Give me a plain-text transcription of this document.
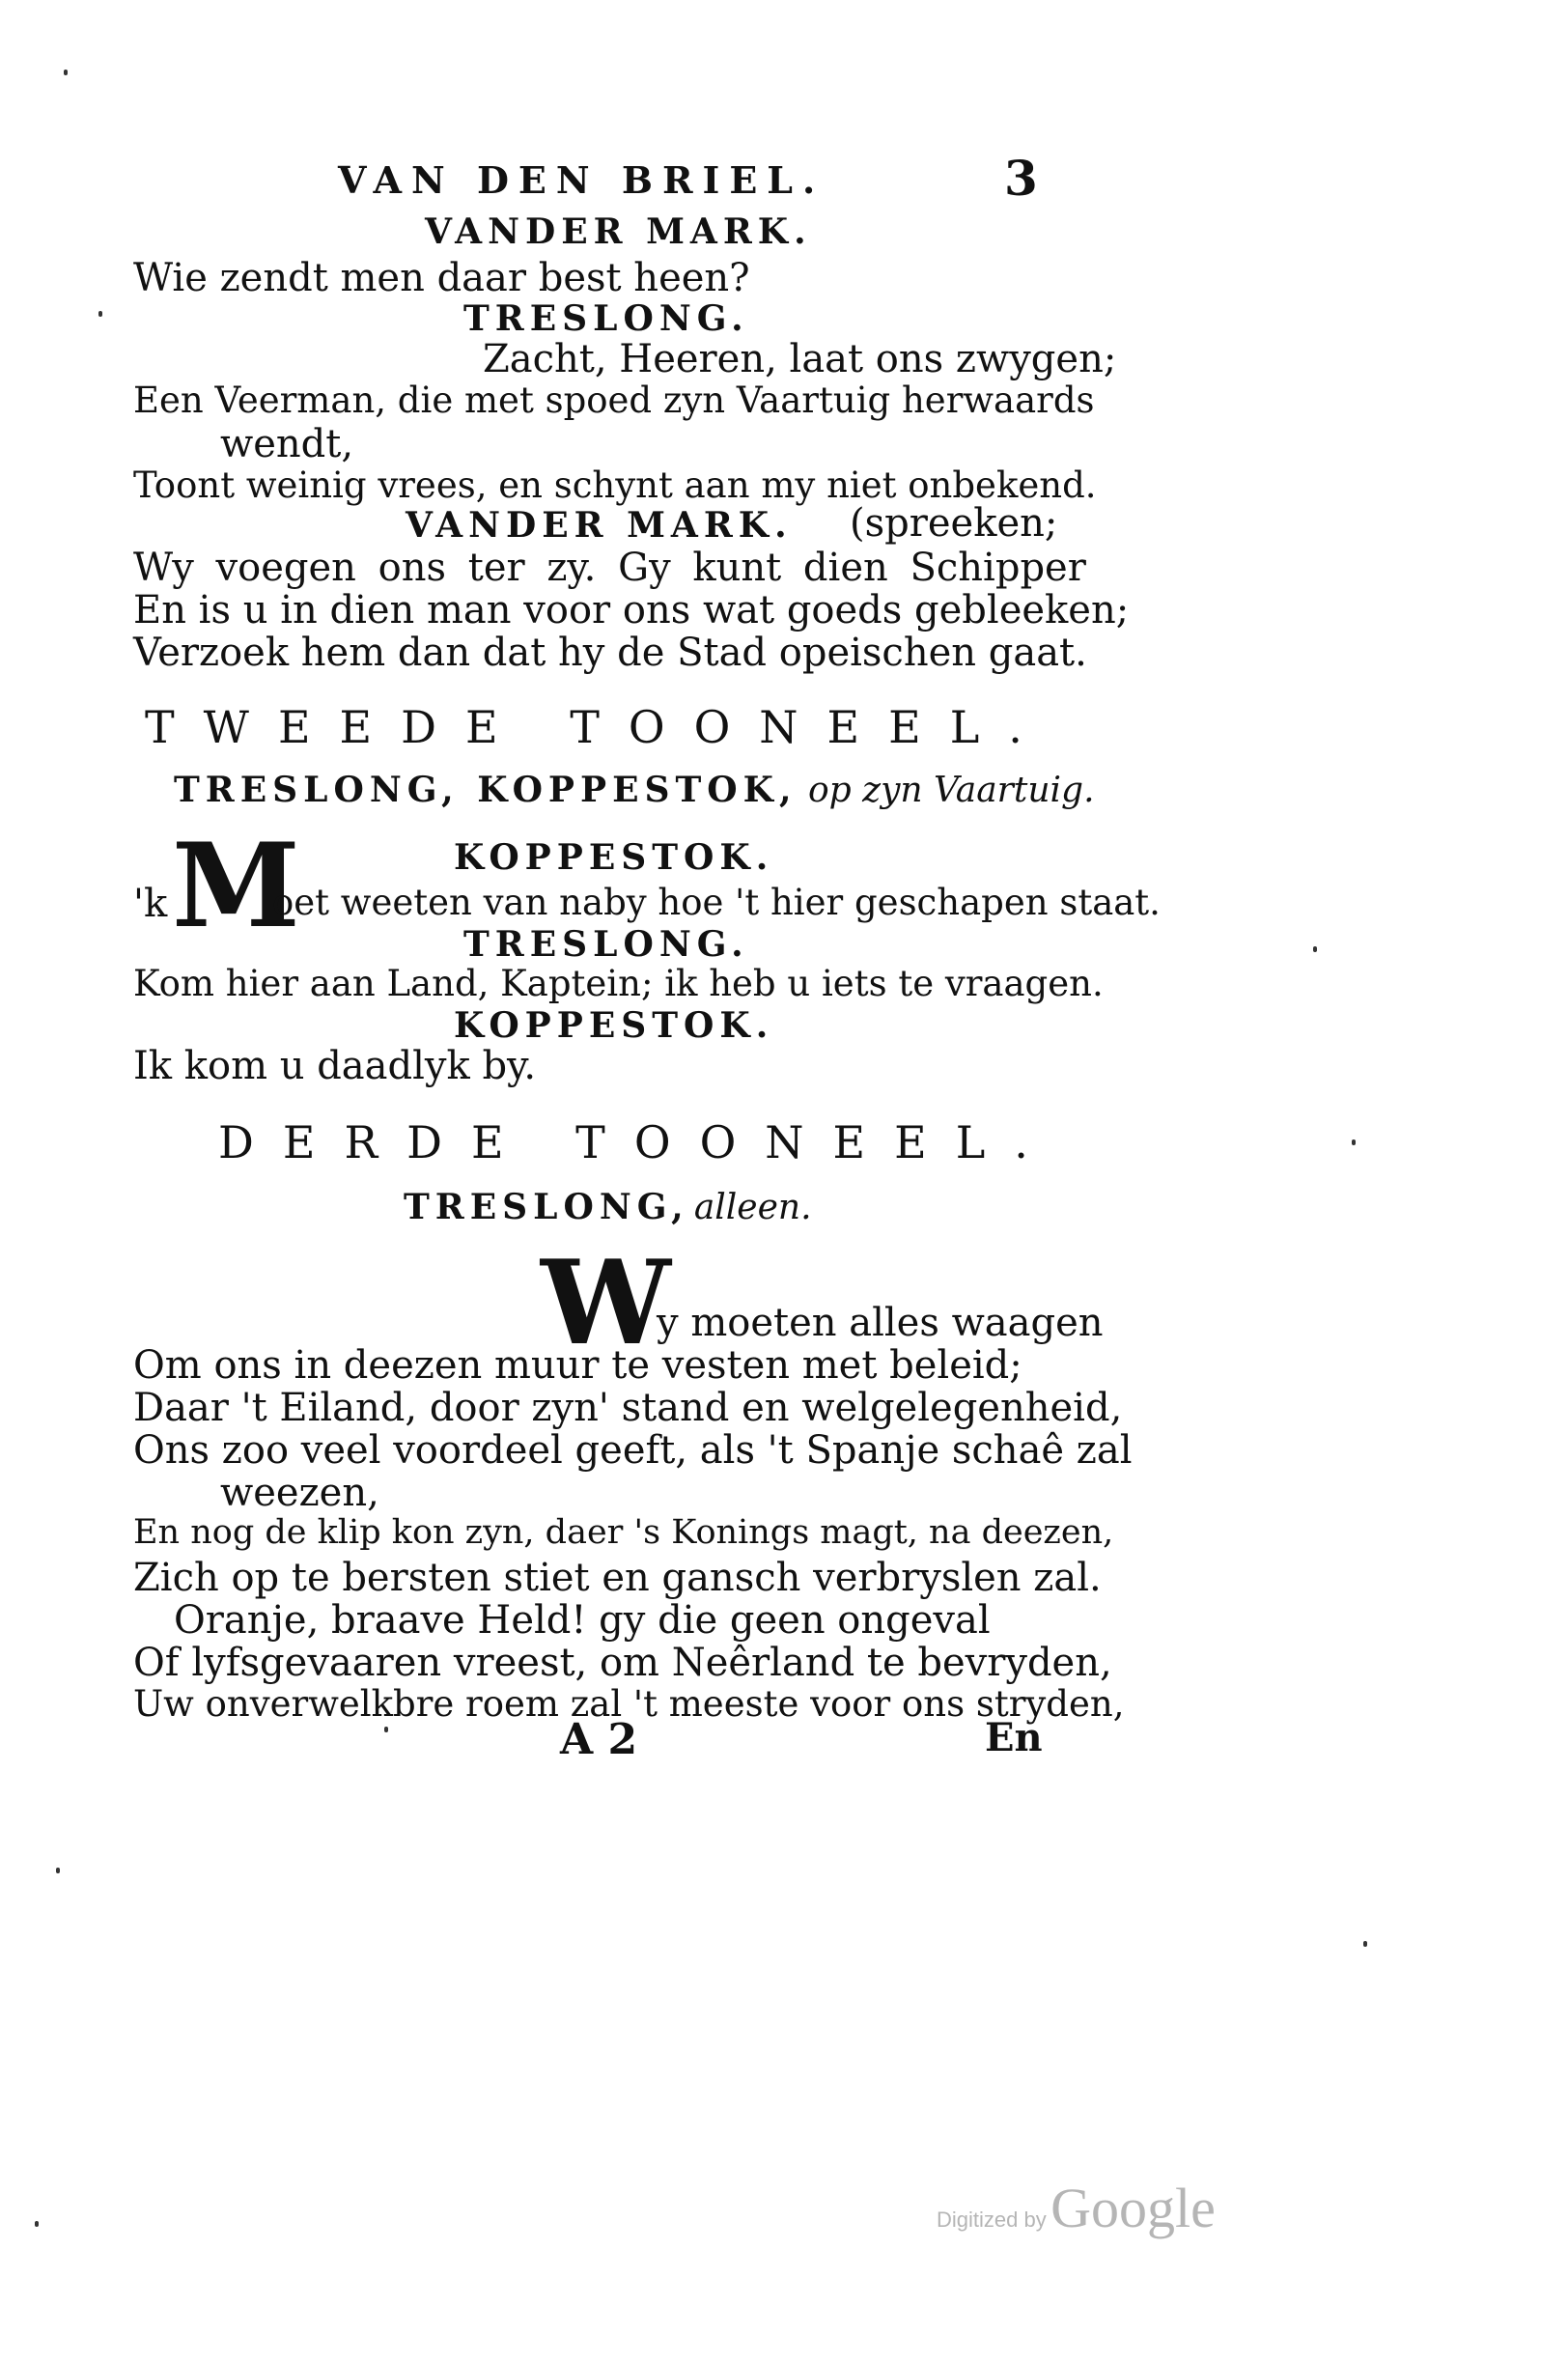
VAN DEN BRIEL.	3
VANDER MARK.
Wie zendt men daar best heen?
TRESLONG.
Zacht, Heeren, laat ons zwygen;
Een Veerman, die met spoed zyn Vaartuig herwaards
wendt,
Toont weinig vrees, en schynt aan my niet onbekend.
VANDER MARK. (spreeken;
Wy voegen ons ter zy. Gy kunt dien Schipper
En is u in dien man voor ons wat goeds gebleeken;
Verzoek hem dan dat hy de Stad opeischen gaat.
TWEEDE TOONEEL.
TRESLONG, KOPPESTOK, op zyn Vaartuig.
KOPPESTOK.
M
'k	oet weeten van naby hoe 't hier geschapen staat.
TRESLONG.
Kom hier aan Land, Kaptein; ik heb u iets te vraagen.
KOPPESTOK.
Ik kom u daadlyk by.
DERDE TOONEEL.
TRESLONG, alleen.
W
y moeten alles waagen
Om ons in deezen muur te vesten met beleid;
Daar 't Eiland, door zyn' stand en welgelegenheid,
Ons zoo veel voordeel geeft, als 't Spanje schaê zal
weezen,
En nog de klip kon zyn, daer 's Konings magt, na deezen,
Zich op te bersten stiet en gansch verbryslen zal.
Oranje, braave Held! gy die geen ongeval
Of lyfsgevaaren vreest, om Neêrland te bevryden,
Uw onverwelkbre roem zal 't meeste voor ons stryden,
A 2	En
Digitized by Google
